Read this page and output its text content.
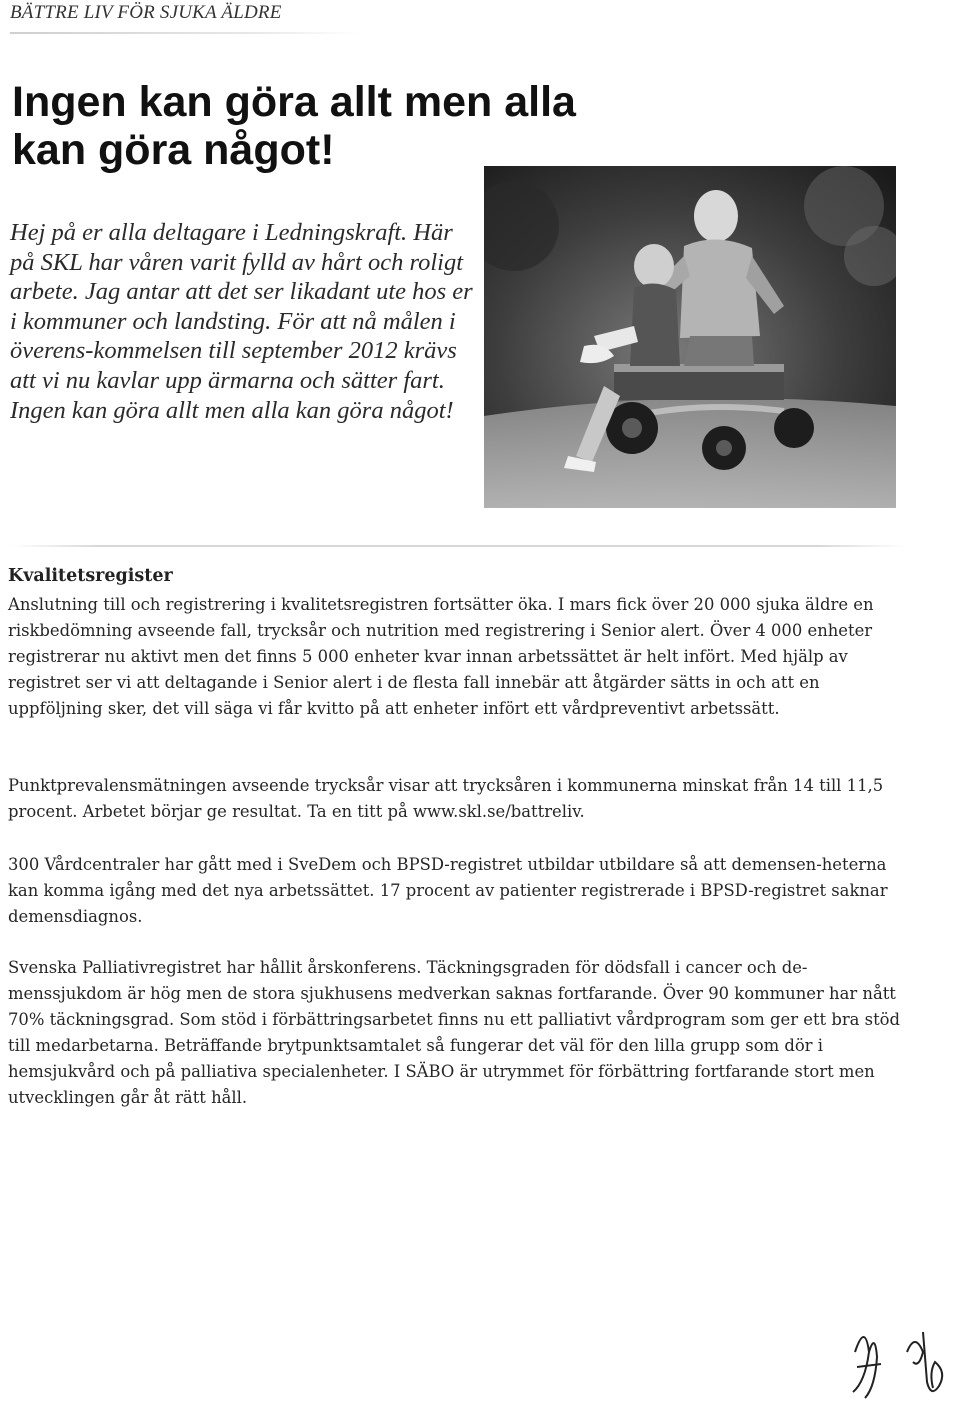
BÄTTRE LIV FÖR SJUKA ÄLDRE
Ingen kan göra allt men alla
kan göra något!

Hej på er alla deltagare i Ledningskraft. Här på SKL har våren varit fylld av hårt och roligt arbete. Jag antar att det ser likadant ute hos er i kommuner och landsting. För att nå målen i överens-kommelsen till september 2012 krävs att vi nu kavlar upp ärmarna och sätter fart. Ingen kan göra allt men alla kan göra något!

Kvalitetsregister

Anslutning till och registrering i kvalitetsregistren fortsätter öka. I mars fick över 20 000 sjuka äldre en riskbedömning avseende fall, trycksår och nutrition med registrering i Senior alert. Över 4 000 enheter registrerar nu aktivt men det finns 5 000 enheter kvar innan arbetssättet är helt infört. Med hjälp av registret ser vi att deltagande i Senior alert i de flesta fall innebär att åtgärder sätts in och att en uppföljning sker, det vill säga vi får kvitto på att enheter infört ett vårdpreventivt arbetssätt.

Punktprevalensmätningen avseende trycksår visar att trycksåren i kommunerna minskat från 14 till 11,5 procent. Arbetet börjar ge resultat. Ta en titt på www.skl.se/battreliv.

300 Vårdcentraler har gått med i SveDem och BPSD-registret utbildar utbildare så att demensen-heterna kan komma igång med det nya arbetssättet. 17 procent av patienter registrerade i BPSD-registret saknar demensdiagnos.

Svenska Palliativregistret har hållit årskonferens. Täckningsgraden för dödsfall i cancer och de-menssjukdom är hög men de stora sjukhusens medverkan saknas fortfarande. Över 90 kommuner har nått 70% täckningsgrad. Som stöd i förbättringsarbetet finns nu ett palliativt vårdprogram som ger ett bra stöd till medarbetarna. Beträffande brytpunktsamtalet så fungerar det väl för den lilla grupp som dör i hemsjukvård och på palliativa specialenheter. I SÄBO är utrymmet för förbättring fortfarande stort men utvecklingen går åt rätt håll.
